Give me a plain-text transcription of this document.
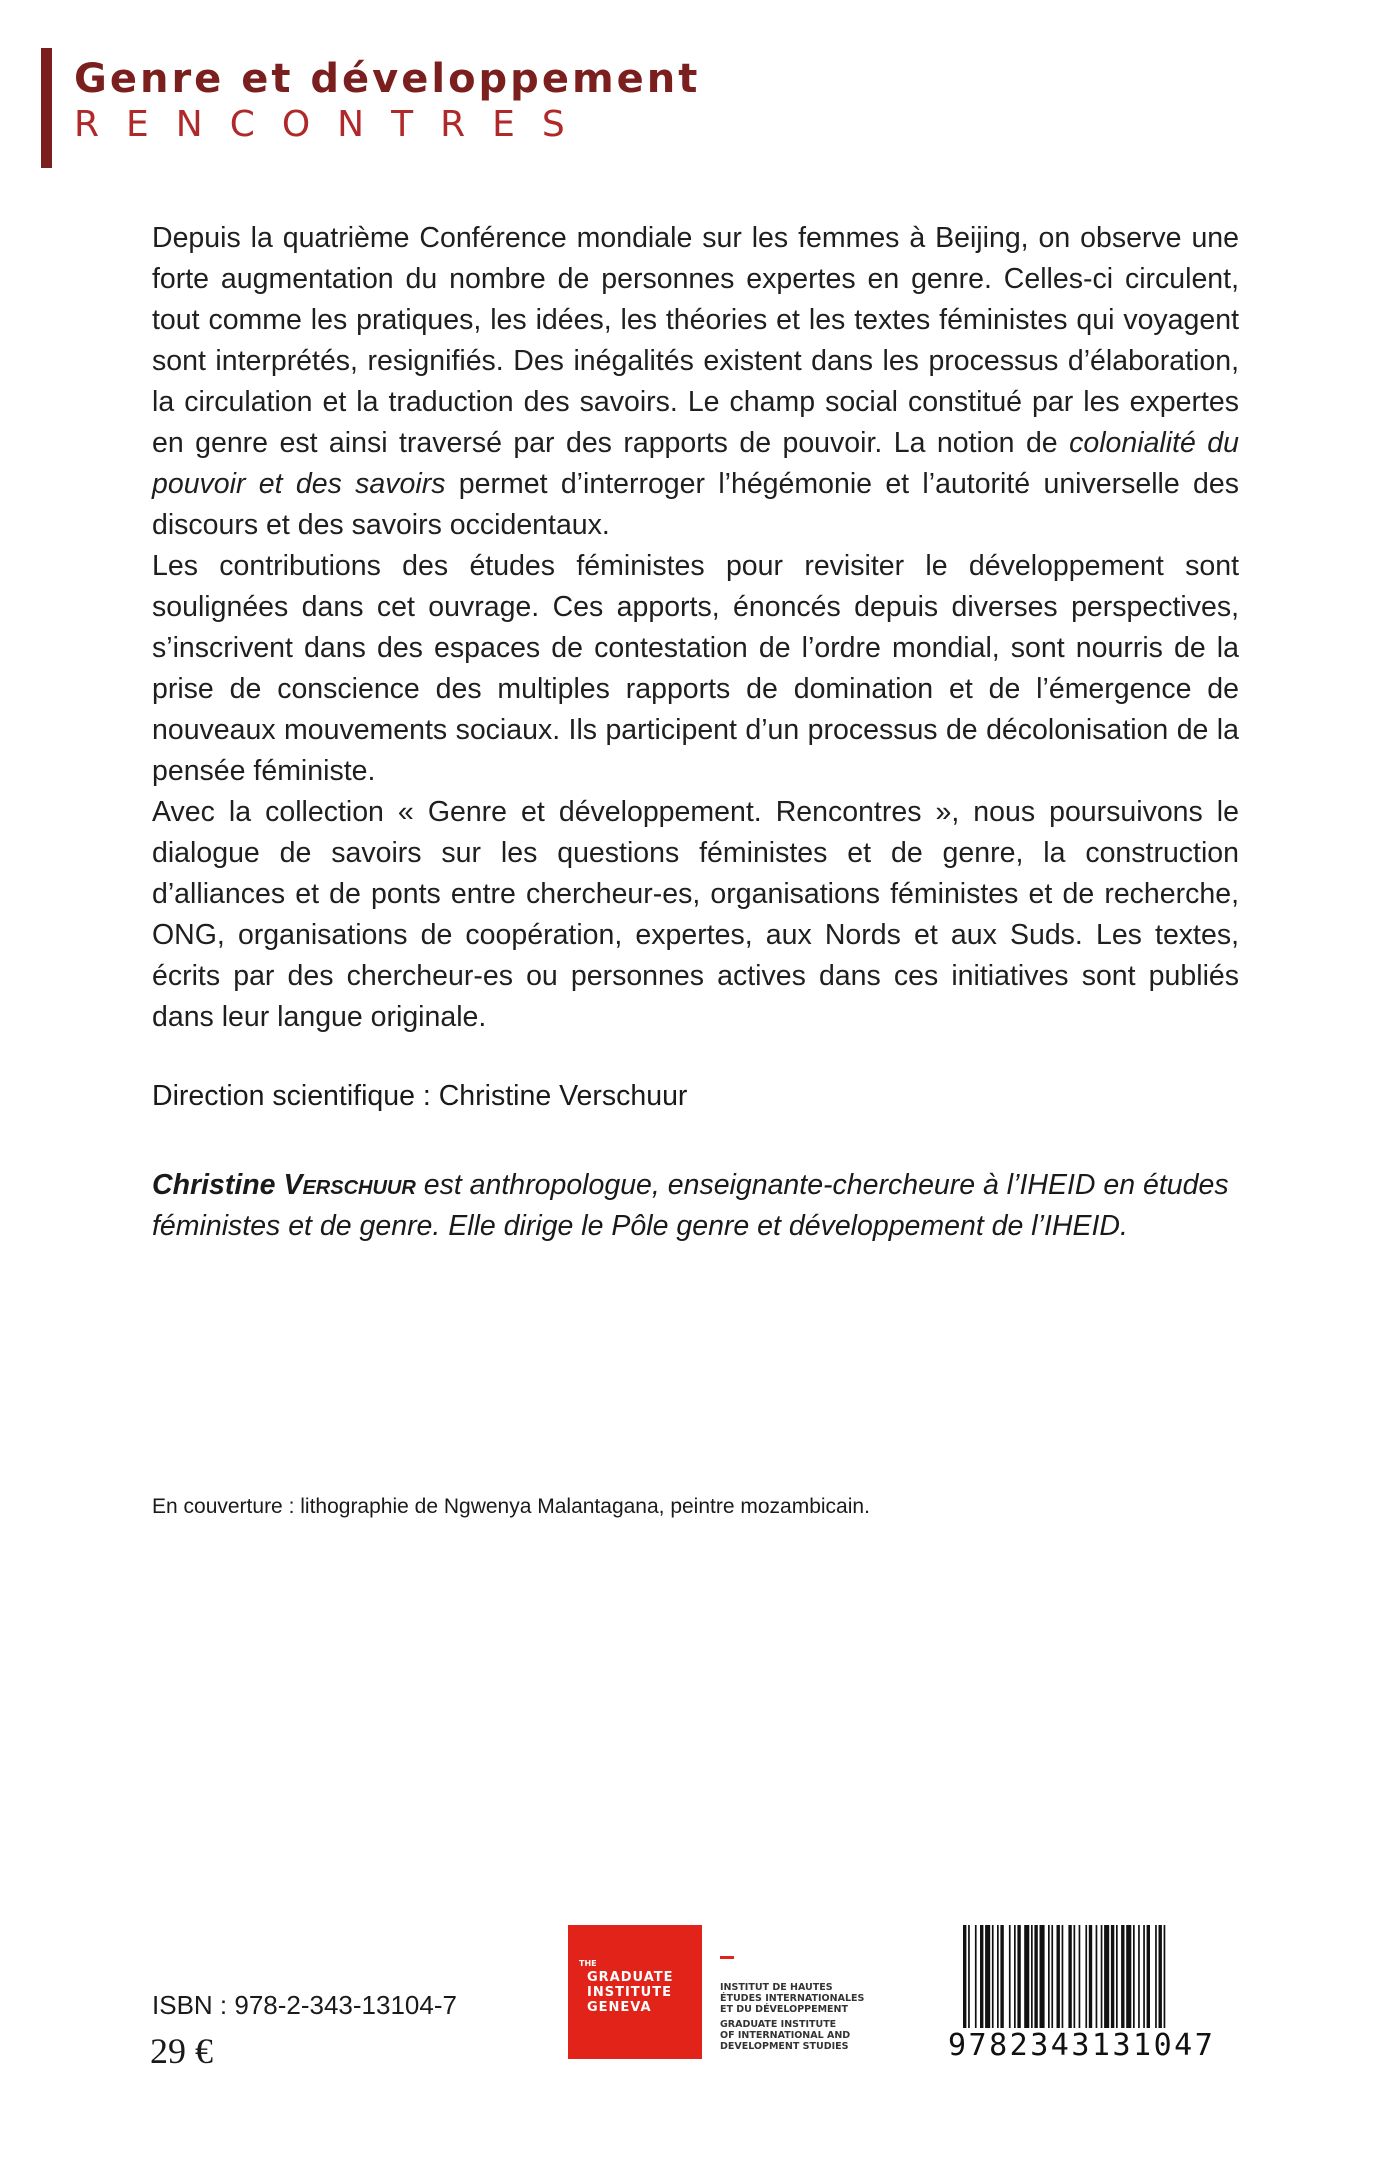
Genre et développement

RENCONTRES

Depuis la quatrième Conférence mondiale sur les femmes à Beijing, on observe une forte augmentation du nombre de personnes expertes en genre. Celles-ci circulent, tout comme les pratiques, les idées, les théories et les textes féministes qui voyagent sont interprétés, resignifiés. Des inégalités existent dans les processus d’élaboration, la circulation et la traduction des savoirs. Le champ social constitué par les expertes en genre est ainsi traversé par des rapports de pouvoir. La notion de colonialité du pouvoir et des savoirs permet d’interroger l’hégémonie et l’autorité universelle des discours et des savoirs occidentaux.

Les contributions des études féministes pour revisiter le développement sont soulignées dans cet ouvrage. Ces apports, énoncés depuis diverses perspectives, s’inscrivent dans des espaces de contestation de l’ordre mondial, sont nourris de la prise de conscience des multiples rapports de domination et de l’émergence de nouveaux mouvements sociaux. Ils participent d’un processus de décolonisation de la pensée féministe.

Avec la collection « Genre et développement. Rencontres », nous poursuivons le dialogue de savoirs sur les questions féministes et de genre, la construction d’alliances et de ponts entre chercheur-es, organisations féministes et de recherche, ONG, organisations de coopération, expertes, aux Nords et aux Suds. Les textes, écrits par des chercheur-es ou personnes actives dans ces initiatives sont publiés dans leur langue originale.

Direction scientifique : Christine Verschuur

Christine Verschuur est anthropologue, enseignante-chercheure à l’IHEID en études féministes et de genre. Elle dirige le Pôle genre et développement de l’IHEID.

En couverture : lithographie de Ngwenya Malantagana, peintre mozambicain.

ISBN : 978-2-343-13104-7

29 €

THE
GRADUATE
INSTITUTE
GENEVA

INSTITUT DE HAUTES

ÉTUDES INTERNATIONALES

ET DU DÉVELOPPEMENT

GRADUATE INSTITUTE

OF INTERNATIONAL AND

DEVELOPMENT STUDIES	9782343131047
